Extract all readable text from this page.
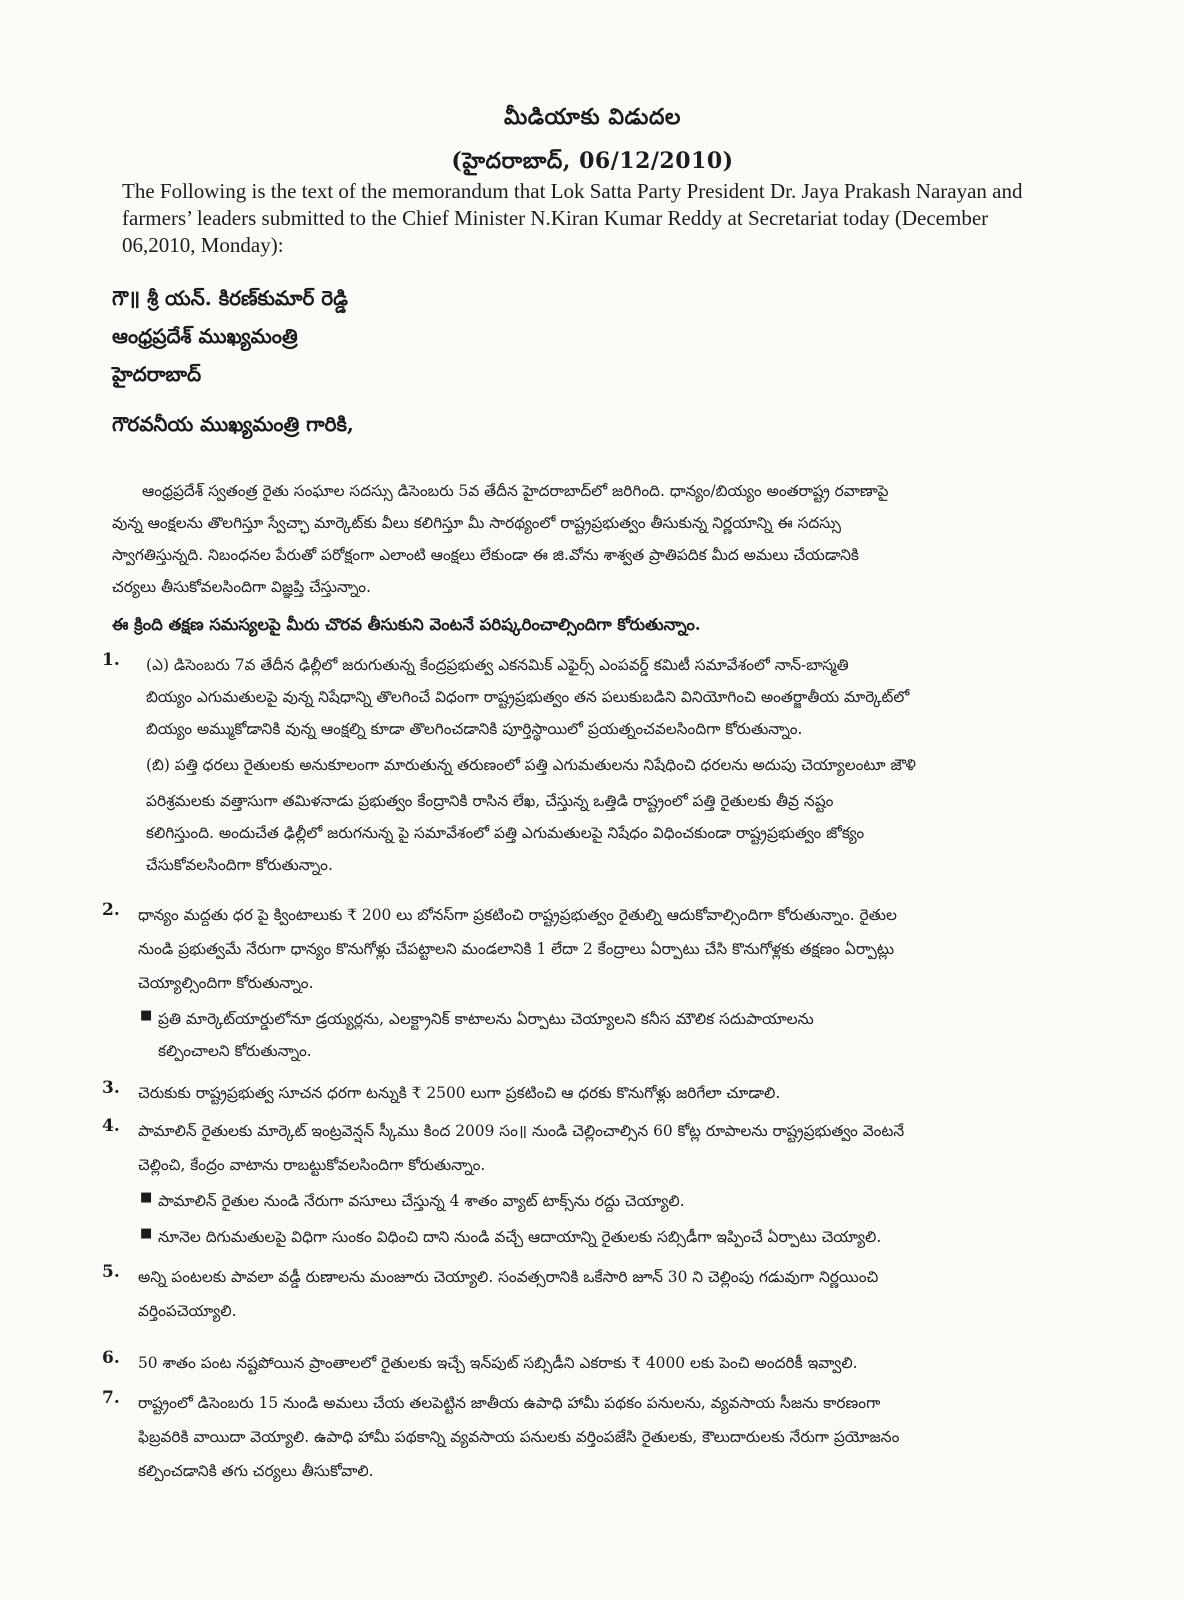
మీడియాకు విడుదల
(హైదరాబాద్, 06/12/2010)
The Following is the text of the memorandum that Lok Satta Party President Dr. Jaya Prakash Narayan and farmers’ leaders submitted to the Chief Minister N.Kiran Kumar Reddy at Secretariat today (December 06,2010, Monday):
గౌ॥ శ్రీ యన్. కిరణ్‌కుమార్ రెడ్డి
ఆంధ్రప్రదేశ్ ముఖ్యమంత్రి
హైదరాబాద్
గౌరవనీయ ముఖ్యమంత్రి గారికి,
ఆంధ్రప్రదేశ్ స్వతంత్ర రైతు సంఘాల సదస్సు డిసెంబరు 5వ తేదీన హైదరాబాద్‌లో జరిగింది. ధాన్యం/బియ్యం అంతరాష్ట్ర రవాణాపై
వున్న ఆంక్షలను తొలగిస్తూ స్వేచ్ఛా మార్కెట్‌కు వీలు కలిగిస్తూ మీ సారథ్యంలో రాష్ట్రప్రభుత్వం తీసుకున్న నిర్ణయాన్ని ఈ సదస్సు
స్వాగతిస్తున్నది. నిబంధనల పేరుతో పరోక్షంగా ఎలాంటి ఆంక్షలు లేకుండా ఈ జి.వోను శాశ్వత ప్రాతిపదిక మీద అమలు చేయడానికి
చర్యలు తీసుకోవలసిందిగా విజ్ఞప్తి చేస్తున్నాం.
ఈ క్రింది తక్షణ సమస్యలపై మీరు చొరవ తీసుకుని వెంటనే పరిష్కరించాల్సిందిగా కోరుతున్నాం.
1. (ఎ) డిసెంబరు 7వ తేదీన ఢిల్లీలో జరుగుతున్న కేంద్రప్రభుత్వ ఎకనమిక్ ఎఫైర్స్ ఎంపవర్డ్ కమిటీ సమావేశంలో నాన్-బాస్మతి
బియ్యం ఎగుమతులపై వున్న నిషేధాన్ని తొలగించే విధంగా రాష్ట్రప్రభుత్వం తన పలుకుబడిని వినియోగించి అంతర్జాతీయ మార్కెట్‌లో
బియ్యం అమ్ముకోడానికి వున్న ఆంక్షల్ని కూడా తొలగించడానికి పూర్తిస్థాయిలో ప్రయత్నంచవలసిందిగా కోరుతున్నాం.
(బి) పత్తి ధరలు రైతులకు అనుకూలంగా మారుతున్న తరుణంలో పత్తి ఎగుమతులను నిషేధించి ధరలను అదుపు చెయ్యాలంటూ జౌళి
పరిశ్రమలకు వత్తాసుగా తమిళనాడు ప్రభుత్వం కేంద్రానికి రాసిన లేఖ, చేస్తున్న ఒత్తిడి రాష్ట్రంలో పత్తి రైతులకు తీవ్ర నష్టం
కలిగిస్తుంది. అందుచేత ఢిల్లీలో జరుగనున్న పై సమావేశంలో పత్తి ఎగుమతులపై నిషేధం విధించకుండా రాష్ట్రప్రభుత్వం జోక్యం
చేసుకోవలసిందిగా కోరుతున్నాం.
2. ధాన్యం మద్దతు ధర పై క్వింటాలుకు ₹ 200 లు బోనస్‌గా ప్రకటించి రాష్ట్రప్రభుత్వం రైతుల్ని ఆదుకోవాల్సిందిగా కోరుతున్నాం. రైతుల
నుండి ప్రభుత్వమే నేరుగా ధాన్యం కొనుగోళ్లు చేపట్టాలని మండలానికి 1 లేదా 2 కేంద్రాలు ఏర్పాటు చేసి కొనుగోళ్లకు తక్షణం ఏర్పాట్లు
చెయ్యాల్సిందిగా కోరుతున్నాం.
■ ప్రతి మార్కెట్‌యార్డులోనూ డ్రయ్యర్లను, ఎలక్ట్రానిక్ కాటాలను ఏర్పాటు చెయ్యాలని కనీస మౌలిక సదుపాయాలను
కల్పించాలని కోరుతున్నాం.
3. చెరుకుకు రాష్ట్రప్రభుత్వ సూచన ధరగా టన్నుకి ₹ 2500 లుగా ప్రకటించి ఆ ధరకు కొనుగోళ్లు జరిగేలా చూడాలి.
4. పామాలిన్ రైతులకు మార్కెట్ ఇంట్రవెన్షన్ స్కీము కింద 2009 సం॥ నుండి చెల్లించాల్సిన 60 కోట్ల రూపాలను రాష్ట్రప్రభుత్వం వెంటనే
చెల్లించి, కేంద్రం వాటాను రాబట్టుకోవలసిందిగా కోరుతున్నాం.
■ పామాలిన్ రైతుల నుండి నేరుగా వసూలు చేస్తున్న 4 శాతం వ్యాట్ టాక్స్‌ను రద్దు చెయ్యాలి.
■ నూనెల దిగుమతులపై విధిగా సుంకం విధించి దాని నుండి వచ్చే ఆదాయాన్ని రైతులకు సబ్సిడీగా ఇప్పించే ఏర్పాటు చెయ్యాలి.
5. అన్ని పంటలకు పావలా వడ్డీ రుణాలను మంజూరు చెయ్యాలి. సంవత్సరానికి ఒకేసారి జూన్ 30 ని చెల్లింపు గడువుగా నిర్ణయించి
వర్తింపచెయ్యాలి.
6. 50 శాతం పంట నష్టపోయిన ప్రాంతాలలో రైతులకు ఇచ్చే ఇన్‌పుట్ సబ్సిడీని ఎకరాకు ₹ 4000 లకు పెంచి అందరికీ ఇవ్వాలి.
7. రాష్ట్రంలో డిసెంబరు 15 నుండి అమలు చేయ తలపెట్టిన జాతీయ ఉపాధి హామీ పథకం పనులను, వ్యవసాయ సీజను కారణంగా
ఫిబ్రవరికి వాయిదా వెయ్యాలి. ఉపాధి హామీ పథకాన్ని వ్యవసాయ పనులకు వర్తింపజేసి రైతులకు, కౌలుదారులకు నేరుగా ప్రయోజనం
కల్పించడానికి తగు చర్యలు తీసుకోవాలి.
